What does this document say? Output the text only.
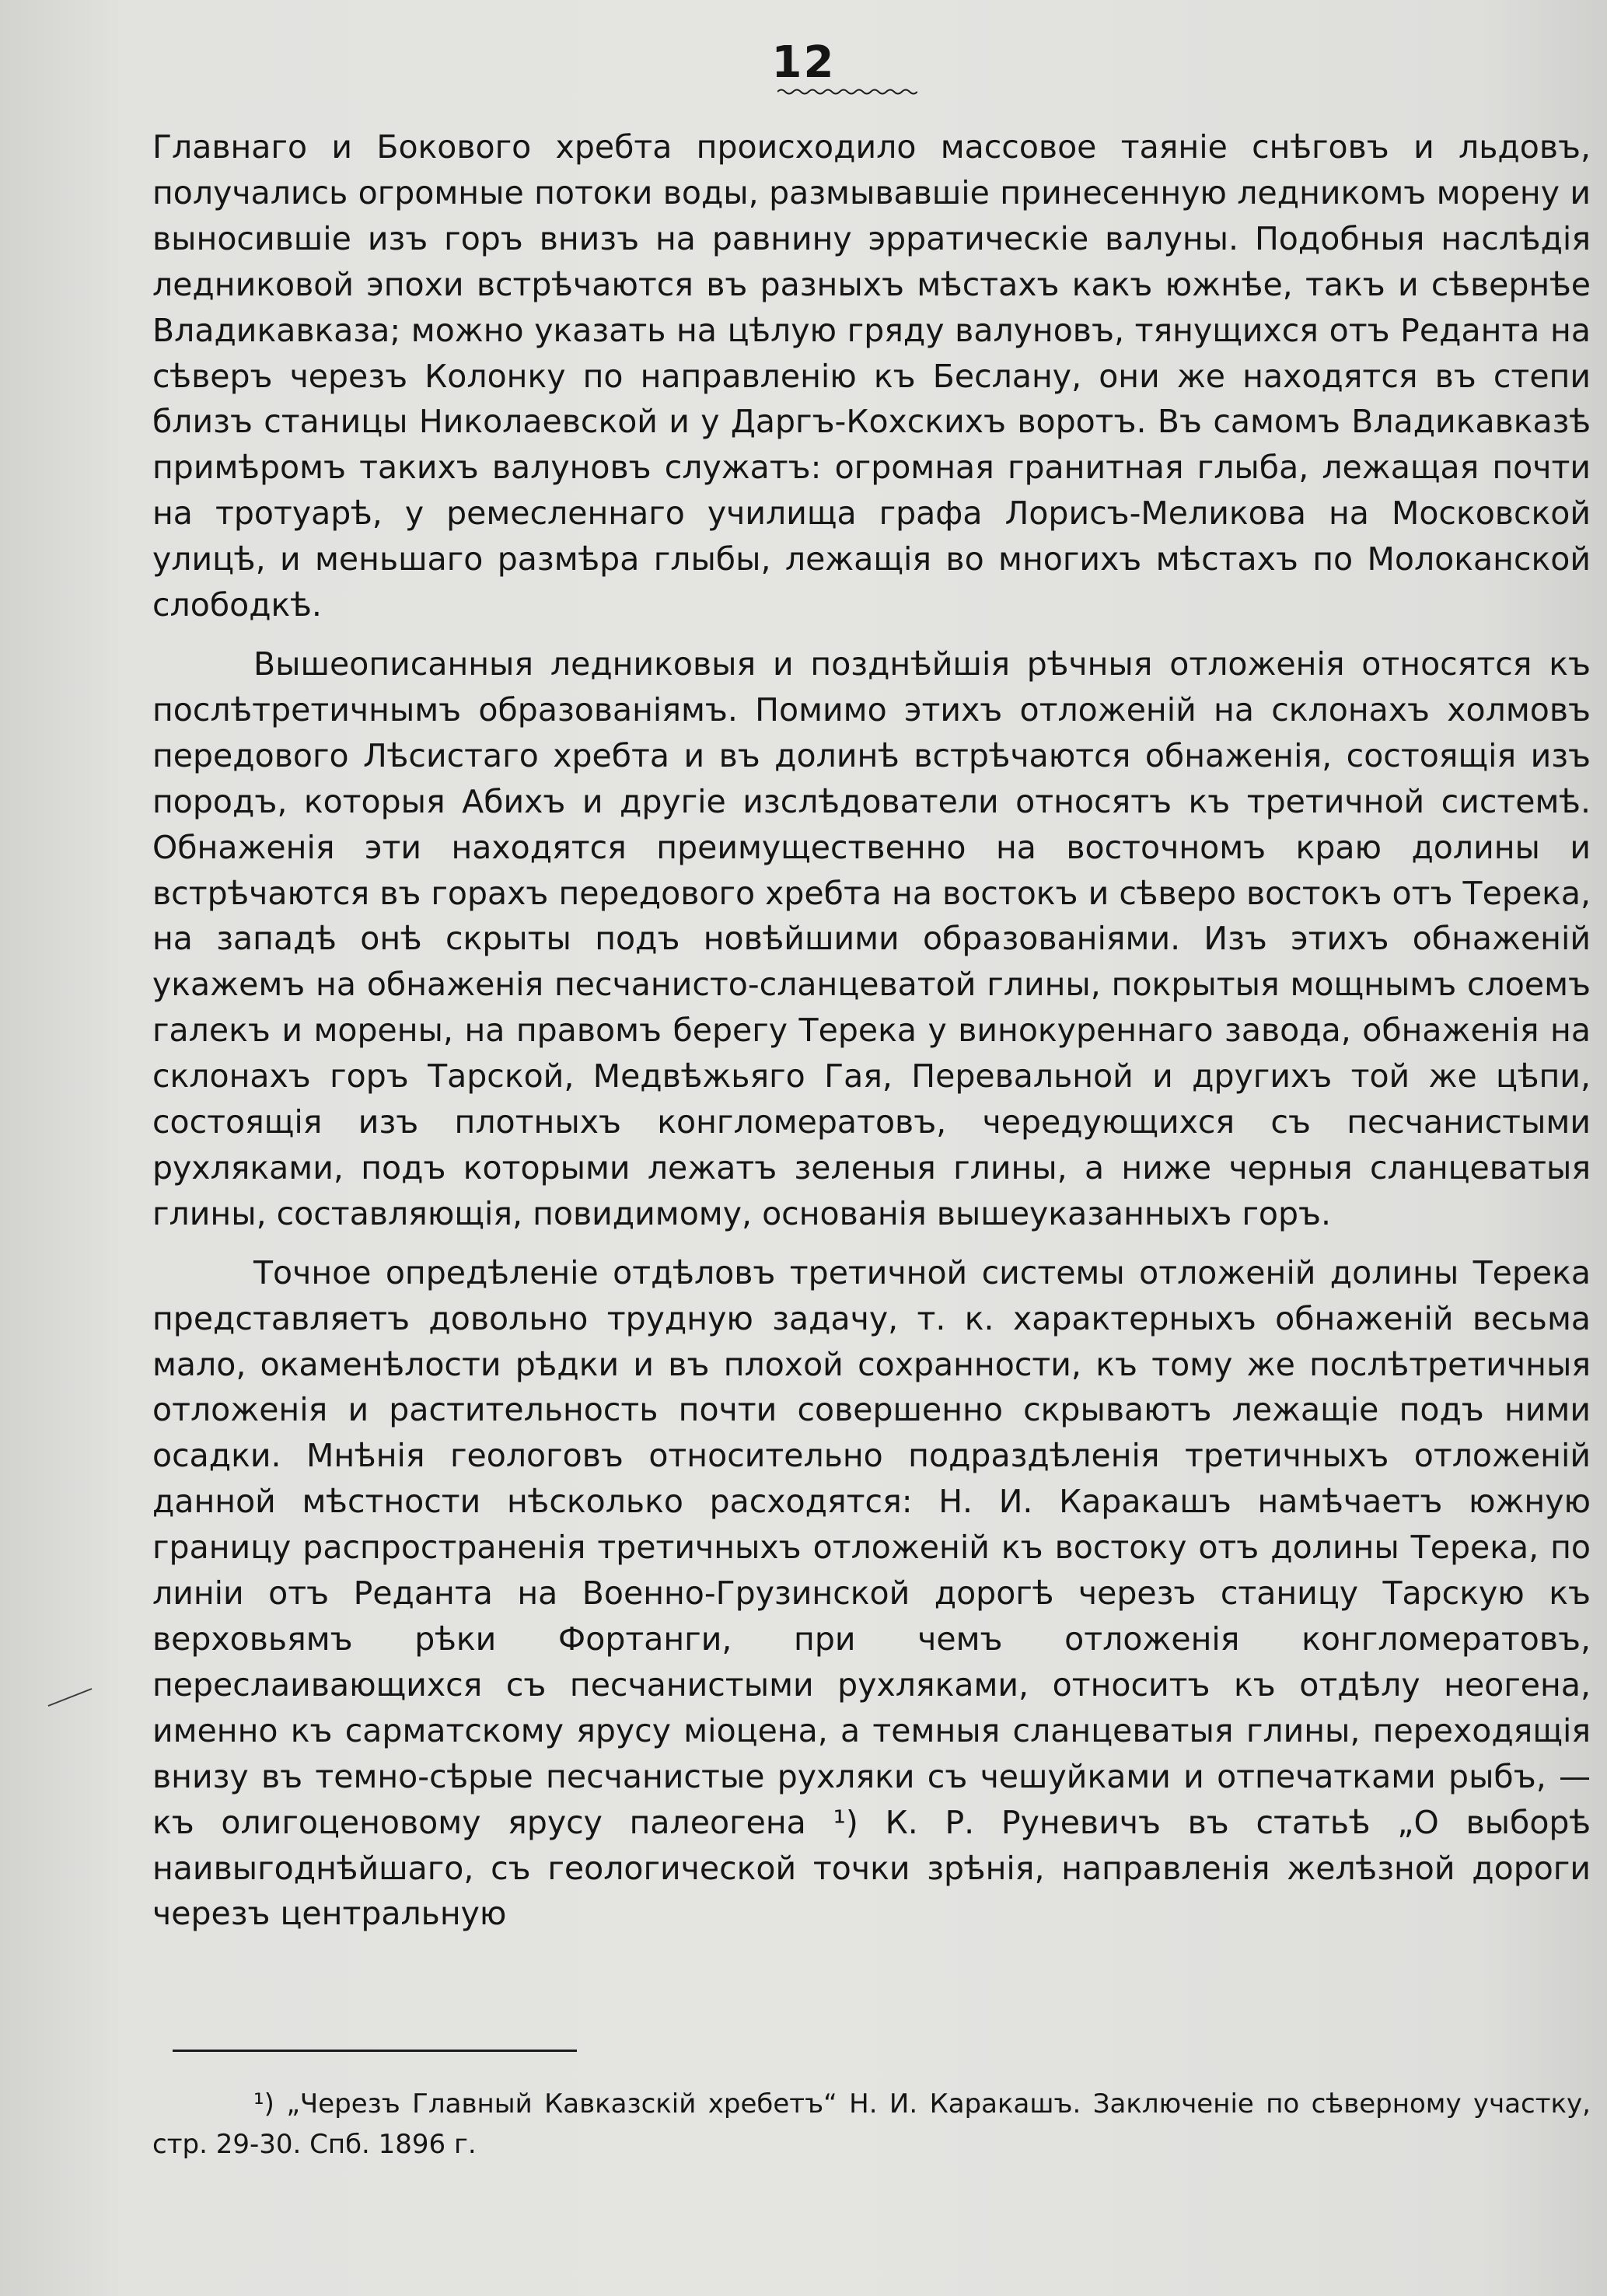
12

Главнаго и Бокового хребта происходило массовое таяніе снѣговъ и льдовъ, получались огромные потоки воды, размывавшіе принесенную ледникомъ морену и выносившіе изъ горъ внизъ на равнину эрратическіе валуны. Подобныя наслѣдія ледниковой эпохи встрѣчаются въ разныхъ мѣстахъ какъ южнѣе, такъ и сѣвернѣе Владикавказа; можно указать на цѣлую гряду валуновъ, тянущихся отъ Реданта на сѣверъ черезъ Колонку по направленію къ Беслану, они же находятся въ степи близъ станицы Николаевской и у Даргъ-Кохскихъ воротъ. Въ самомъ Владикавказѣ примѣромъ такихъ валуновъ служатъ: огромная гранитная глыба, лежащая почти на тротуарѣ, у ремесленнаго училища графа Лорисъ-Меликова на Московской улицѣ, и меньшаго размѣра глыбы, лежащія во многихъ мѣстахъ по Молоканской слободкѣ.

Вышеописанныя ледниковыя и позднѣйшія рѣчныя отложенія относятся къ послѣтретичнымъ образованіямъ. Помимо этихъ отложеній на склонахъ холмовъ передового Лѣсистаго хребта и въ долинѣ встрѣчаются обнаженія, состоящія изъ породъ, которыя Абихъ и другіе изслѣдователи относятъ къ третичной системѣ. Обнаженія эти находятся преимущественно на восточномъ краю долины и встрѣчаются въ горахъ передового хребта на востокъ и сѣверо востокъ отъ Терека, на западѣ онѣ скрыты подъ новѣйшими образованіями. Изъ этихъ обнаженій укажемъ на обнаженія песчанисто-сланцеватой глины, покрытыя мощнымъ слоемъ галекъ и морены, на правомъ берегу Терека у винокуреннаго завода, обнаженія на склонахъ горъ Тарской, Медвѣжьяго Гая, Перевальной и другихъ той же цѣпи, состоящія изъ плотныхъ конгломератовъ, чередующихся съ песчанистыми рухляками, подъ которыми лежатъ зеленыя глины, а ниже черныя сланцеватыя глины, составляющія, повидимому, основанія вышеуказанныхъ горъ.

Точное опредѣленіе отдѣловъ третичной системы отложеній долины Терека представляетъ довольно трудную задачу, т. к. характерныхъ обнаженій весьма мало, окаменѣлости рѣдки и въ плохой сохранности, къ тому же послѣтретичныя отложенія и растительность почти совершенно скрываютъ лежащіе подъ ними осадки. Мнѣнія геологовъ относительно подраздѣленія третичныхъ отложеній данной мѣстности нѣсколько расходятся: Н. И. Каракашъ намѣчаетъ южную границу распространенія третичныхъ отложеній къ востоку отъ долины Терека, по линіи отъ Реданта на Военно-Грузинской дорогѣ черезъ станицу Тарскую къ верховьямъ рѣки Фортанги, при чемъ отложенія конгломератовъ, переслаивающихся съ песчанистыми рухляками, относитъ къ отдѣлу неогена, именно къ сарматскому ярусу міоцена, а темныя сланцеватыя глины, переходящія внизу въ темно-сѣрые песчанистые рухляки съ чешуйками и отпечатками рыбъ, — къ олигоценовому ярусу палеогена ¹) К. Р. Руневичъ въ статьѣ „О выборѣ наивыгоднѣйшаго, съ геологической точки зрѣнія, направленія желѣзной дороги черезъ центральную

¹) „Черезъ Главный Кавказскій хребетъ“ Н. И. Каракашъ. Заключеніе по сѣверному участку, стр. 29-30. Спб. 1896 г.
